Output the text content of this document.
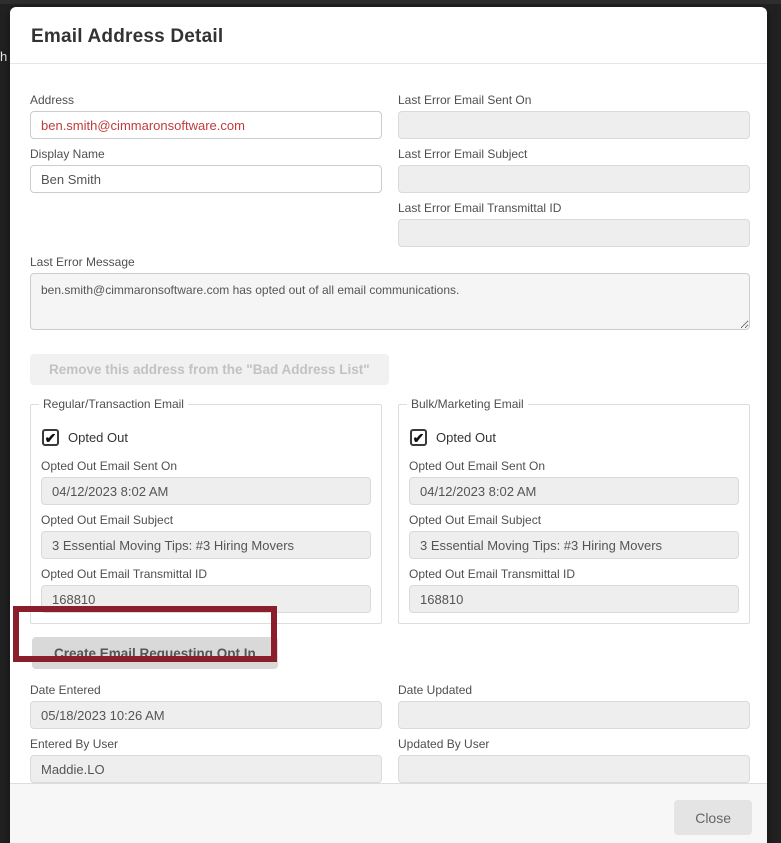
h
Email Address Detail
Address
ben.smith@cimmaronsoftware.com
Display Name
Ben Smith
Last Error Email Sent On
Last Error Email Subject
Last Error Email Transmittal ID
Last Error Message
ben.smith@cimmaronsoftware.com has opted out of all email communications.
Remove this address from the "Bad Address List"
Regular/Transaction Email
✔ Opted Out
Opted Out Email Sent On
04/12/2023 8:02 AM
Opted Out Email Subject
3 Essential Moving Tips: #3 Hiring Movers
Opted Out Email Transmittal ID
168810
Bulk/Marketing Email
✔ Opted Out
Opted Out Email Sent On
04/12/2023 8:02 AM
Opted Out Email Subject
3 Essential Moving Tips: #3 Hiring Movers
Opted Out Email Transmittal ID
168810
Create Email Requesting Opt In
Date Entered
05/18/2023 10:26 AM
Entered By User
Maddie.LO
Date Updated
Updated By User
Close
